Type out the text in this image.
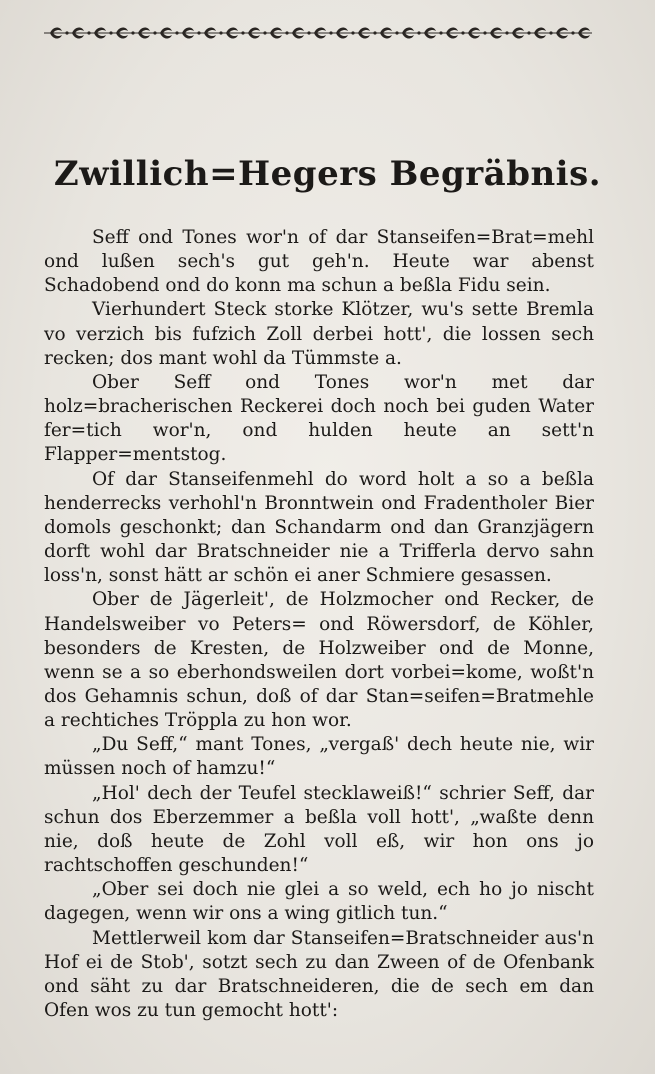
Zwillich=Hegers Begräbnis.

Seff ond Tones wor'n of dar Stanseifen=Brat=mehl ond lußen sech's gut geh'n. Heute war abenst Schadobend ond do konn ma schun a beßla Fidu sein.

Vierhundert Steck storke Klötzer, wu's sette Bremla vo verzich bis fufzich Zoll derbei hott', die lossen sech recken; dos mant wohl da Tümmste a.

Ober Seff ond Tones wor'n met dar holz=bracherischen Reckerei doch noch bei guden Water fer=tich wor'n, ond hulden heute an sett'n Flapper=mentstog.

Of dar Stanseifenmehl do word holt a so a beßla henderrecks verhohl'n Bronntwein ond Fradentholer Bier domols geschonkt; dan Schandarm ond dan Granzjägern dorft wohl dar Bratschneider nie a Trifferla dervo sahn loss'n, sonst hätt ar schön ei aner Schmiere gesassen.

Ober de Jägerleit', de Holzmocher ond Recker, de Handelsweiber vo Peters= ond Röwersdorf, de Köhler, besonders de Kresten, de Holzweiber ond de Monne, wenn se a so eberhondsweilen dort vorbei=kome, woßt'n dos Gehamnis schun, doß of dar Stan=seifen=Bratmehle a rechtiches Tröppla zu hon wor.

„Du Seff,“ mant Tones, „vergaß' dech heute nie, wir müssen noch of hamzu!“

„Hol' dech der Teufel stecklaweiß!“ schrier Seff, dar schun dos Eberzemmer a beßla voll hott', „waßte denn nie, doß heute de Zohl voll eß, wir hon ons jo rachtschoffen geschunden!“

„Ober sei doch nie glei a so weld, ech ho jo nischt dagegen, wenn wir ons a wing gitlich tun.“

Mettlerweil kom dar Stanseifen=Bratschneider aus'n Hof ei de Stob', sotzt sech zu dan Zween of de Ofenbank ond säht zu dar Bratschneideren, die de sech em dan Ofen wos zu tun gemocht hott':
